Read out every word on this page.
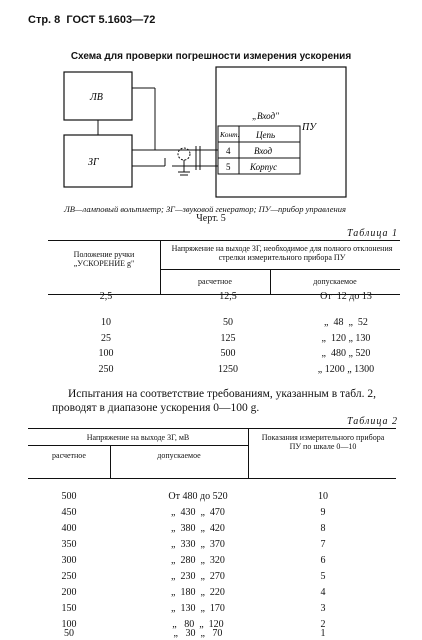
Стр. 8 ГОСТ 5.1603—72
Схема для проверки погрешности измерения ускорения
ЛВ
ЗГ
ПУ
„Вход"
Конт. Цепь
4	Вход
5 Корпус
ЛВ—ламповый вольтметр; ЗГ—звуковой генератор; ПУ—прибор управления
Черт. 5
Таблица 1
Положение ручки „УСКОРЕНИЕ g"
Напряжение на выходе ЗГ, необходимое для полного отклонения стрелки измерительного прибора ПУ
расчетное	допускаемое
2,5	12,5	От  12 до 13
10	50	„  48  „  52
25	125	„  120 „ 130
100	500	„  480 „ 520
250	1250	„ 1200 „ 1300
Испытания на соответствие требованиям, указанным в табл. 2, проводят в диапазоне ускорения 0—100 g.
Таблица 2
Напряжение на выходе ЗГ, мВ
расчетное	допускаемое
Показания измерительного прибора ПУ по шкале 0—10
500	От 480 до 520	10
450	„  430  „  470	9
400	„  380  „  420	8
350	„  330  „  370	7
300	„  280  „  320	6
250	„  230  „  270	5
200	„  180  „  220	4
150	„  130  „  170	3
100	„   80  „  120	2
50	„   30  „   70	1
